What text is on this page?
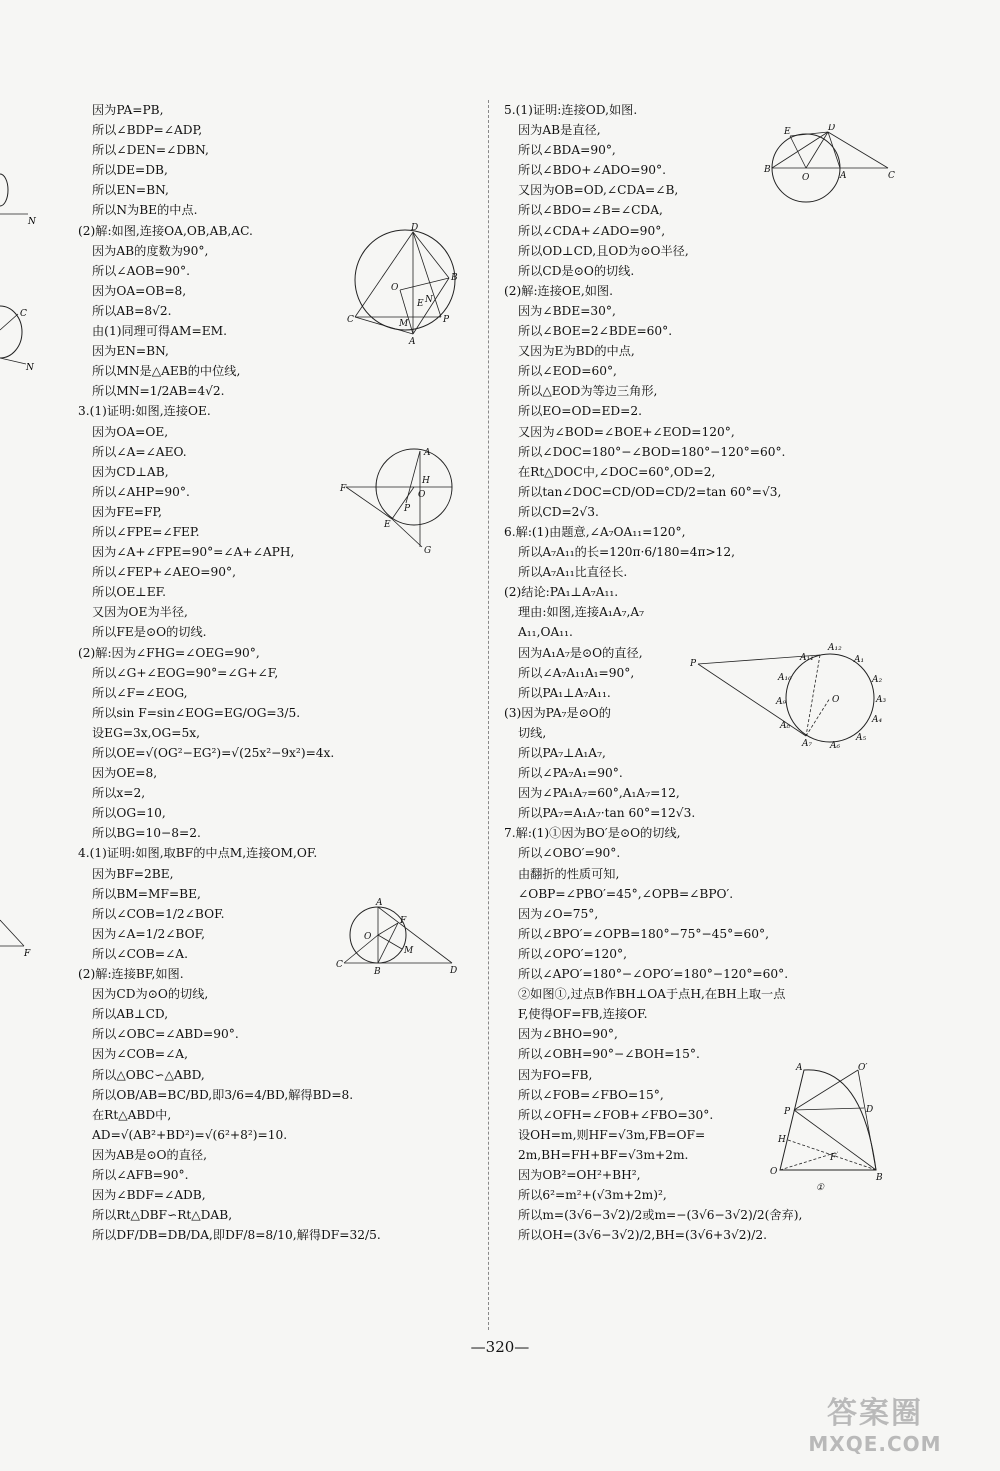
因为PA=PB,
所以∠BDP=∠ADP,
所以∠DEN=∠DBN,
所以DE=DB,
所以EN=BN,
所以N为BE的中点.
(2)解:如图,连接OA,OB,AB,AC.
因为AB的度数为90°,
所以∠AOB=90°.
因为OA=OB=8,
所以AB=8√2.
由(1)同理可得AM=EM.
因为EN=BN,
所以MN是△AEB的中位线,
所以MN=1/2AB=4√2.
3.(1)证明:如图,连接OE.
因为OA=OE,
所以∠A=∠AEO.
因为CD⊥AB,
所以∠AHP=90°.
因为FE=FP,
所以∠FPE=∠FEP.
因为∠A+∠FPE=90°=∠A+∠APH,
所以∠FEP+∠AEO=90°,
所以OE⊥EF.
又因为OE为半径,
所以FE是⊙O的切线.
(2)解:因为∠FHG=∠OEG=90°,
所以∠G+∠EOG=90°=∠G+∠F,
所以∠F=∠EOG,
所以sin F=sin∠EOG=EG/OG=3/5.
设EG=3x,OG=5x,
所以OE=√(OG²−EG²)=√(25x²−9x²)=4x.
因为OE=8,
所以x=2,
所以OG=10,
所以BG=10−8=2.
4.(1)证明:如图,取BF的中点M,连接OM,OF.
因为BF=2BE,
所以BM=MF=BE,
所以∠COB=1/2∠BOF.
因为∠A=1/2∠BOF,
所以∠COB=∠A.
(2)解:连接BF,如图.
因为CD为⊙O的切线,
所以AB⊥CD,
所以∠OBC=∠ABD=90°.
因为∠COB=∠A,
所以△OBC∽△ABD,
所以OB/AB=BC/BD,即3/6=4/BD,解得BD=8.
在Rt△ABD中,
AD=√(AB²+BD²)=√(6²+8²)=10.
因为AB是⊙O的直径,
所以∠AFB=90°.
因为∠BDF=∠ADB,
所以Rt△DBF∽Rt△DAB,
所以DF/DB=DB/DA,即DF/8=8/10,解得DF=32/5.
5.(1)证明:连接OD,如图.
因为AB是直径,
所以∠BDA=90°,
所以∠BDO+∠ADO=90°.
又因为OB=OD,∠CDA=∠B,
所以∠BDO=∠B=∠CDA,
所以∠CDA+∠ADO=90°,
所以OD⊥CD,且OD为⊙O半径,
所以CD是⊙O的切线.
(2)解:连接OE,如图.
因为∠BDE=30°,
所以∠BOE=2∠BDE=60°.
又因为E为BD的中点,
所以∠EOD=60°,
所以△EOD为等边三角形,
所以EO=OD=ED=2.
又因为∠BOD=∠BOE+∠EOD=120°,
所以∠DOC=180°−∠BOD=180°−120°=60°.
在Rt△DOC中,∠DOC=60°,OD=2,
所以tan∠DOC=CD/OD=CD/2=tan 60°=√3,
所以CD=2√3.
6.解:(1)由题意,∠A₇OA₁₁=120°,
所以A₇A₁₁的长=120π·6/180=4π>12,
所以A₇A₁₁比直径长.
(2)结论:PA₁⊥A₇A₁₁.
理由:如图,连接A₁A₇,A₇
A₁₁,OA₁₁.
因为A₁A₇是⊙O的直径,
所以∠A₇A₁₁A₁=90°,
所以PA₁⊥A₇A₁₁.
(3)因为PA₇是⊙O的
切线,
所以PA₇⊥A₁A₇,
所以∠PA₇A₁=90°.
因为∠PA₁A₇=60°,A₁A₇=12,
所以PA₇=A₁A₇·tan 60°=12√3.
7.解:(1)①因为BO′是⊙O的切线,
所以∠OBO′=90°.
由翻折的性质可知,
∠OBP=∠PBO′=45°,∠OPB=∠BPO′.
因为∠O=75°,
所以∠BPO′=∠OPB=180°−75°−45°=60°,
所以∠OPO′=120°,
所以∠APO′=180°−∠OPO′=180°−120°=60°.
②如图①,过点B作BH⊥OA于点H,在BH上取一点
F,使得OF=FB,连接OF.
因为∠BHO=90°,
所以∠OBH=90°−∠BOH=15°.
因为FO=FB,
所以∠FOB=∠FBO=15°,
所以∠OFH=∠FOB+∠FBO=30°.
设OH=m,则HF=√3m,FB=OF=
2m,BH=FH+BF=√3m+2m.
因为OB²=OH²+BH²,
所以6²=m²+(√3m+2m)²,
所以m=(3√6−3√2)/2或m=−(3√6−3√2)/2(舍弃),
所以OH=(3√6−3√2)/2,BH=(3√6+3√2)/2.
D
B
O
N
E
C	M	P
A
A
H
O
F
E
P
G
A
F
O
M
C
B	D
E	D
B
O	A	C
P	A₁
A₂
A₃
A₄
A₅
A₆
A₇
A₈
A₉
A₁₀
A₁₁
A₁₂
O
A	O′
P	D
H
F
O
B
①
N
C
N
F
—320—
答案圈
MXQE.COM
